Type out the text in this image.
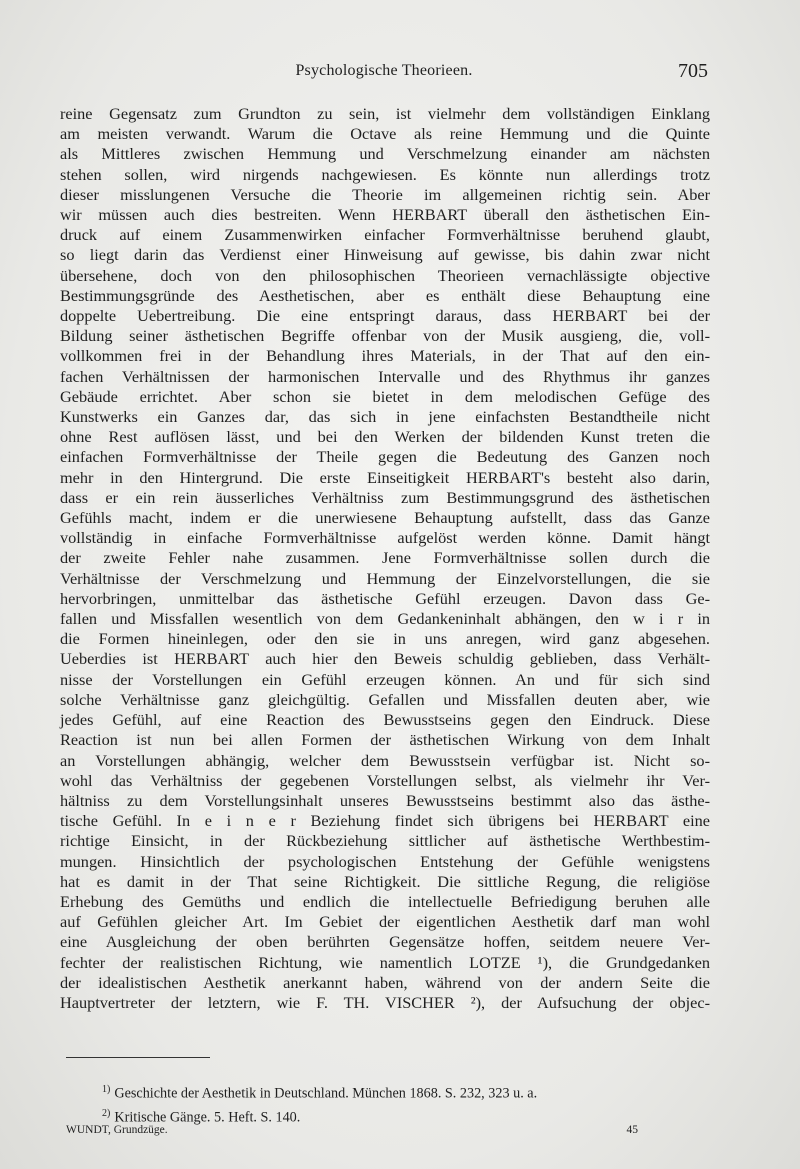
Psychologische Theorieen.	705
reine Gegensatz zum Grundton zu sein, ist vielmehr dem vollständigen Einklang
am meisten verwandt. Warum die Octave als reine Hemmung und die Quinte
als Mittleres zwischen Hemmung und Verschmelzung einander am nächsten
stehen sollen, wird nirgends nachgewiesen. Es könnte nun allerdings trotz
dieser misslungenen Versuche die Theorie im allgemeinen richtig sein. Aber
wir müssen auch dies bestreiten. Wenn HERBART überall den ästhetischen Ein-
druck auf einem Zusammenwirken einfacher Formverhältnisse beruhend glaubt,
so liegt darin das Verdienst einer Hinweisung auf gewisse, bis dahin zwar nicht
übersehene, doch von den philosophischen Theorieen vernachlässigte objective
Bestimmungsgründe des Aesthetischen, aber es enthält diese Behauptung eine
doppelte Uebertreibung. Die eine entspringt daraus, dass HERBART bei der
Bildung seiner ästhetischen Begriffe offenbar von der Musik ausgieng, die, voll-
vollkommen frei in der Behandlung ihres Materials, in der That auf den ein-
fachen Verhältnissen der harmonischen Intervalle und des Rhythmus ihr ganzes
Gebäude errichtet. Aber schon sie bietet in dem melodischen Gefüge des
Kunstwerks ein Ganzes dar, das sich in jene einfachsten Bestandtheile nicht
ohne Rest auflösen lässt, und bei den Werken der bildenden Kunst treten die
einfachen Formverhältnisse der Theile gegen die Bedeutung des Ganzen noch
mehr in den Hintergrund. Die erste Einseitigkeit HERBART's besteht also darin,
dass er ein rein äusserliches Verhältniss zum Bestimmungsgrund des ästhetischen
Gefühls macht, indem er die unerwiesene Behauptung aufstellt, dass das Ganze
vollständig in einfache Formverhältnisse aufgelöst werden könne. Damit hängt
der zweite Fehler nahe zusammen. Jene Formverhältnisse sollen durch die
Verhältnisse der Verschmelzung und Hemmung der Einzelvorstellungen, die sie
hervorbringen, unmittelbar das ästhetische Gefühl erzeugen. Davon dass Ge-
fallen und Missfallen wesentlich von dem Gedankeninhalt abhängen, den w i r in
die Formen hineinlegen, oder den sie in uns anregen, wird ganz abgesehen.
Ueberdies ist HERBART auch hier den Beweis schuldig geblieben, dass Verhält-
nisse der Vorstellungen ein Gefühl erzeugen können. An und für sich sind
solche Verhältnisse ganz gleichgültig. Gefallen und Missfallen deuten aber, wie
jedes Gefühl, auf eine Reaction des Bewusstseins gegen den Eindruck. Diese
Reaction ist nun bei allen Formen der ästhetischen Wirkung von dem Inhalt
an Vorstellungen abhängig, welcher dem Bewusstsein verfügbar ist. Nicht so-
wohl das Verhältniss der gegebenen Vorstellungen selbst, als vielmehr ihr Ver-
hältniss zu dem Vorstellungsinhalt unseres Bewusstseins bestimmt also das ästhe-
tische Gefühl. In e i n e r Beziehung findet sich übrigens bei HERBART eine
richtige Einsicht, in der Rückbeziehung sittlicher auf ästhetische Werthbestim-
mungen. Hinsichtlich der psychologischen Entstehung der Gefühle wenigstens
hat es damit in der That seine Richtigkeit. Die sittliche Regung, die religiöse
Erhebung des Gemüths und endlich die intellectuelle Befriedigung beruhen alle
auf Gefühlen gleicher Art. Im Gebiet der eigentlichen Aesthetik darf man wohl
eine Ausgleichung der oben berührten Gegensätze hoffen, seitdem neuere Ver-
fechter der realistischen Richtung, wie namentlich LOTZE ¹), die Grundgedanken
der idealistischen Aesthetik anerkannt haben, während von der andern Seite die
Hauptvertreter der letztern, wie F. TH. VISCHER ²), der Aufsuchung der objec-
$^{1)}$ Geschichte der Aesthetik in Deutschland. München 1868. S. 232, 323 u. a.
$^{2)}$ Kritische Gänge. 5. Heft. S. 140.
WUNDT, Grundzüge.	45
